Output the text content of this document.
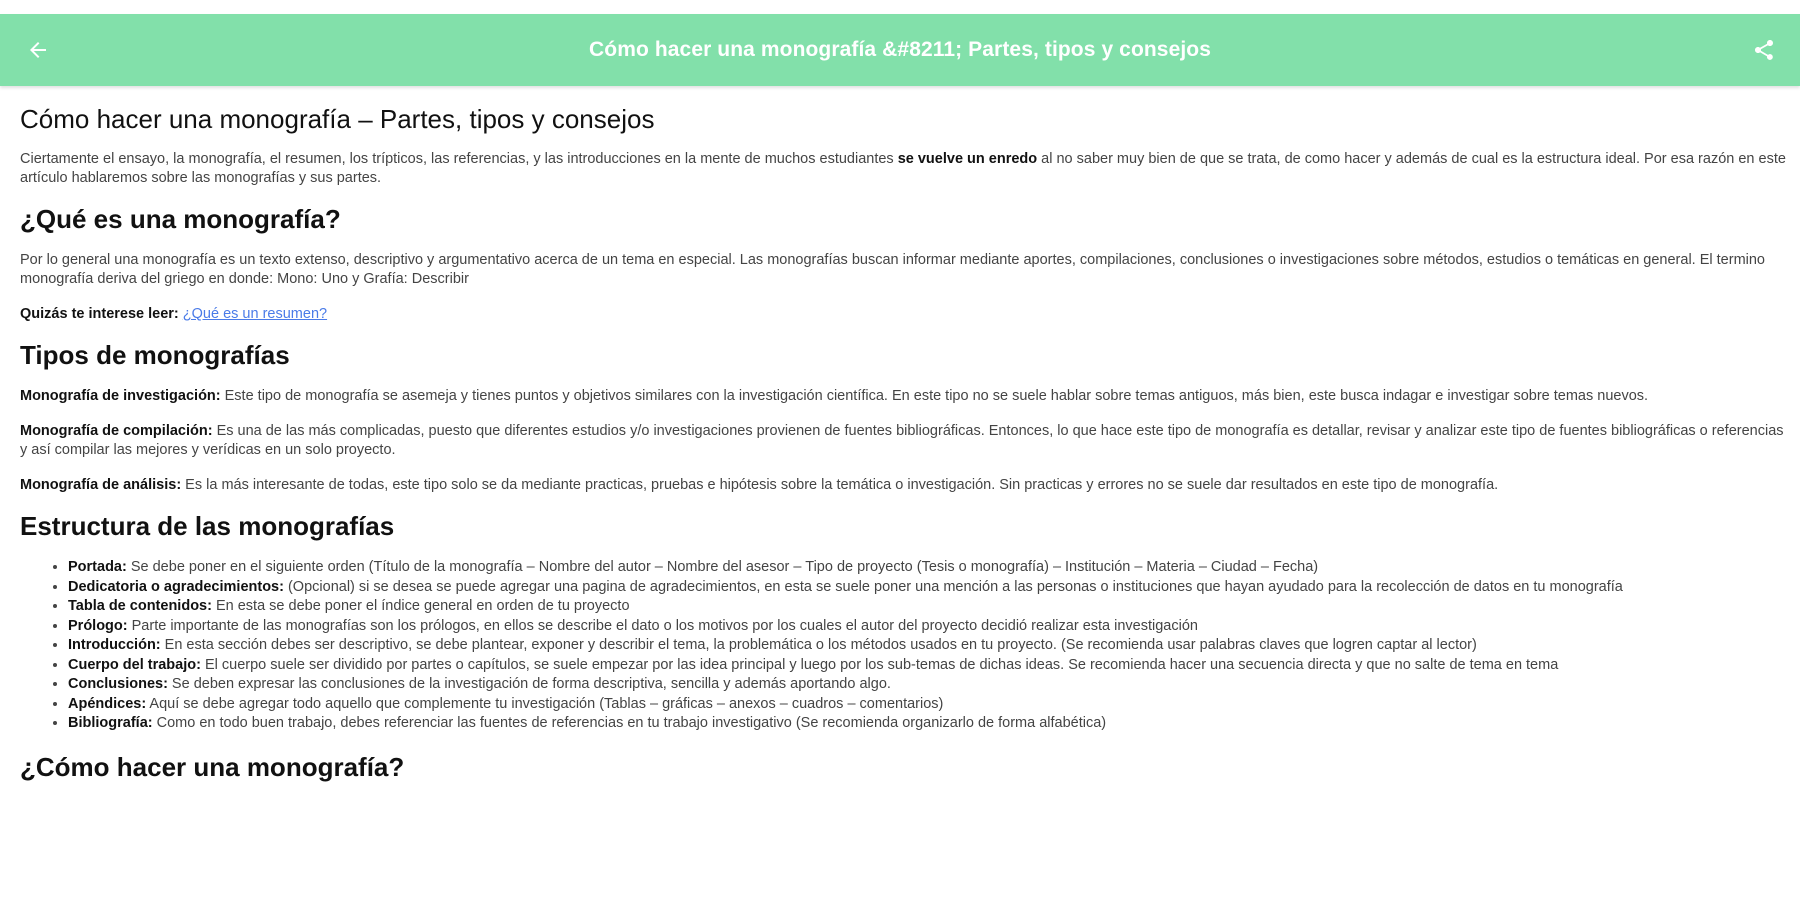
Cómo hacer una monografía &#8211; Partes, tipos y consejos
Cómo hacer una monografía – Partes, tipos y consejos

Ciertamente el ensayo, la monografía, el resumen, los trípticos, las referencias, y las introducciones en la mente de muchos estudiantes se vuelve un enredo al no saber muy bien de que se trata, de como hacer y además de cual es la estructura ideal. Por esa razón en este artículo hablaremos sobre las monografías y sus partes.

¿Qué es una monografía?

Por lo general una monografía es un texto extenso, descriptivo y argumentativo acerca de un tema en especial. Las monografías buscan informar mediante aportes, compilaciones, conclusiones o investigaciones sobre métodos, estudios o temáticas en general. El termino monografía deriva del griego en donde: Mono: Uno y Grafía: Describir

Quizás te interese leer: ¿Qué es un resumen?

Tipos de monografías

Monografía de investigación: Este tipo de monografía se asemeja y tienes puntos y objetivos similares con la investigación científica. En este tipo no se suele hablar sobre temas antiguos, más bien, este busca indagar e investigar sobre temas nuevos.

Monografía de compilación: Es una de las más complicadas, puesto que diferentes estudios y/o investigaciones provienen de fuentes bibliográficas. Entonces, lo que hace este tipo de monografía es detallar, revisar y analizar este tipo de fuentes bibliográficas o referencias y así compilar las mejores y verídicas en un solo proyecto.

Monografía de análisis: Es la más interesante de todas, este tipo solo se da mediante practicas, pruebas e hipótesis sobre la temática o investigación. Sin practicas y errores no se suele dar resultados en este tipo de monografía.

Estructura de las monografías
• Portada: Se debe poner en el siguiente orden (Título de la monografía – Nombre del autor – Nombre del asesor – Tipo de proyecto (Tesis o monografía) – Institución – Materia – Ciudad – Fecha)
• Dedicatoria o agradecimientos: (Opcional) si se desea se puede agregar una pagina de agradecimientos, en esta se suele poner una mención a las personas o instituciones que hayan ayudado para la recolección de datos en tu monografía
• Tabla de contenidos: En esta se debe poner el índice general en orden de tu proyecto
• Prólogo: Parte importante de las monografías son los prólogos, en ellos se describe el dato o los motivos por los cuales el autor del proyecto decidió realizar esta investigación
• Introducción: En esta sección debes ser descriptivo, se debe plantear, exponer y describir el tema, la problemática o los métodos usados en tu proyecto. (Se recomienda usar palabras claves que logren captar al lector)
• Cuerpo del trabajo: El cuerpo suele ser dividido por partes o capítulos, se suele empezar por las idea principal y luego por los sub-temas de dichas ideas. Se recomienda hacer una secuencia directa y que no salte de tema en tema
• Conclusiones: Se deben expresar las conclusiones de la investigación de forma descriptiva, sencilla y además aportando algo.
• Apéndices: Aquí se debe agregar todo aquello que complemente tu investigación (Tablas – gráficas – anexos – cuadros – comentarios)
• Bibliografía: Como en todo buen trabajo, debes referenciar las fuentes de referencias en tu trabajo investigativo (Se recomienda organizarlo de forma alfabética)
¿Cómo hacer una monografía?
